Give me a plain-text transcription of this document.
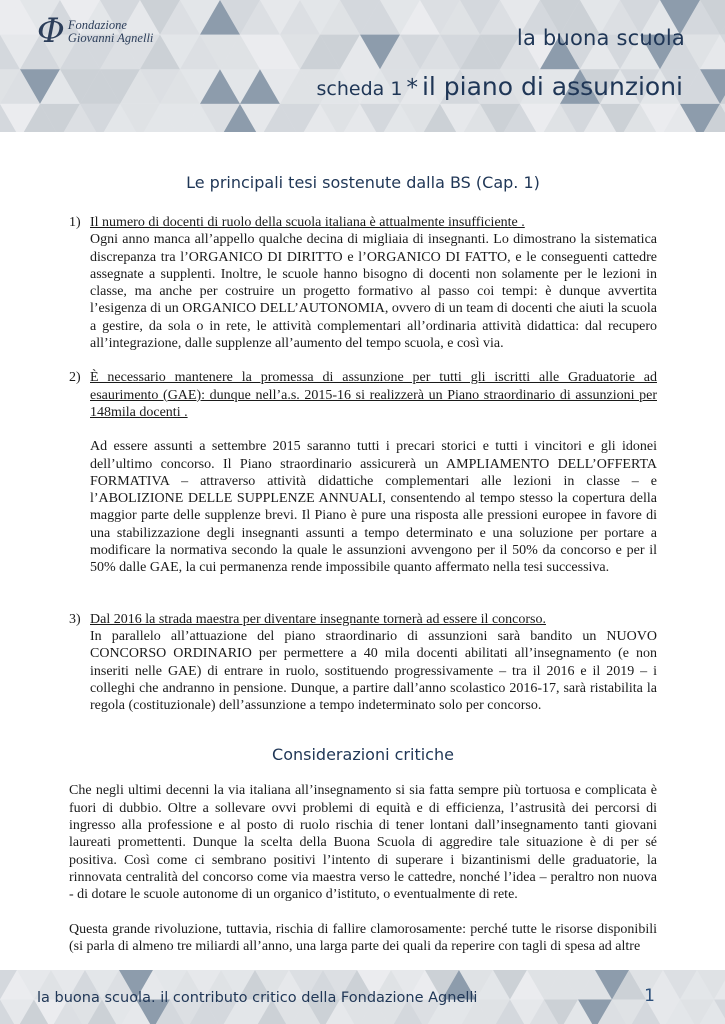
Φ Fondazione
Giovanni Agnelli	la buona scuola
scheda 1 * il piano di assunzioni
Le principali tesi sostenute dalla BS (Cap. 1)
1) Il numero di docenti di ruolo della scuola italiana è attualmente insufficiente .

Ogni anno manca all’appello qualche decina di migliaia di insegnanti. Lo dimostrano la sistematica discrepanza tra l’ORGANICO DI DIRITTO e l’ORGANICO DI FATTO, e le conseguenti cattedre assegnate a supplenti. Inoltre, le scuole hanno bisogno di docenti non solamente per le lezioni in classe, ma anche per costruire un progetto formativo al passo coi tempi: è dunque avvertita l’esigenza di un ORGANICO DELL’AUTONOMIA, ovvero di un team di docenti che aiuti la scuola a gestire, da sola o in rete, le attività complementari all’ordinaria attività didattica: dal recupero all’integrazione, dalle supplenze all’aumento del tempo scuola, e così via.

2) È necessario mantenere la promessa di assunzione per tutti gli iscritti alle Graduatorie ad esaurimento (GAE): dunque nell’a.s. 2015-16 si realizzerà un Piano straordinario di assunzioni per 148mila docenti .

Ad essere assunti a settembre 2015 saranno tutti i precari storici e tutti i vincitori e gli idonei dell’ultimo concorso. Il Piano straordinario assicurerà un AMPLIAMENTO DELL’OFFERTA FORMATIVA – attraverso attività didattiche complementari alle lezioni in classe – e l’ABOLIZIONE DELLE SUPPLENZE ANNUALI, consentendo al tempo stesso la copertura della maggior parte delle supplenze brevi. Il Piano è pure una risposta alle pressioni europee in favore di una stabilizzazione degli insegnanti assunti a tempo determinato e una soluzione per portare a modificare la normativa secondo la quale le assunzioni avvengono per il 50% da concorso e per il 50% dalle GAE, la cui permanenza rende impossibile quanto affermato nella tesi successiva.

3) Dal 2016 la strada maestra per diventare insegnante tornerà ad essere il concorso.

In parallelo all’attuazione del piano straordinario di assunzioni sarà bandito un NUOVO CONCORSO ORDINARIO per permettere a 40 mila docenti abilitati all’insegnamento (e non inseriti nelle GAE) di entrare in ruolo, sostituendo progressivamente – tra il 2016 e il 2019 – i colleghi che andranno in pensione. Dunque, a partire dall’anno scolastico 2016-17, sarà ristabilita la regola (costituzionale) dell’assunzione a tempo indeterminato solo per concorso.

Considerazioni critiche

Che negli ultimi decenni la via italiana all’insegnamento si sia fatta sempre più tortuosa e complicata è fuori di dubbio. Oltre a sollevare ovvi problemi di equità e di efficienza, l’astrusità dei percorsi di ingresso alla professione e al posto di ruolo rischia di tener lontani dall’insegnamento tanti giovani laureati promettenti. Dunque la scelta della Buona Scuola di aggredire tale situazione è di per sé positiva. Così come ci sembrano positivi l’intento di superare i bizantinismi delle graduatorie, la rinnovata centralità del concorso come via maestra verso le cattedre, nonché l’idea – peraltro non nuova - di dotare le scuole autonome di un organico d’istituto, o eventualmente di rete.

Questa grande rivoluzione, tuttavia, rischia di fallire clamorosamente: perché tutte le risorse disponibili (si parla di almeno tre miliardi all’anno, una larga parte dei quali da reperire con tagli di spesa ad altre

la buona scuola. il contributo critico della Fondazione Agnelli	1
